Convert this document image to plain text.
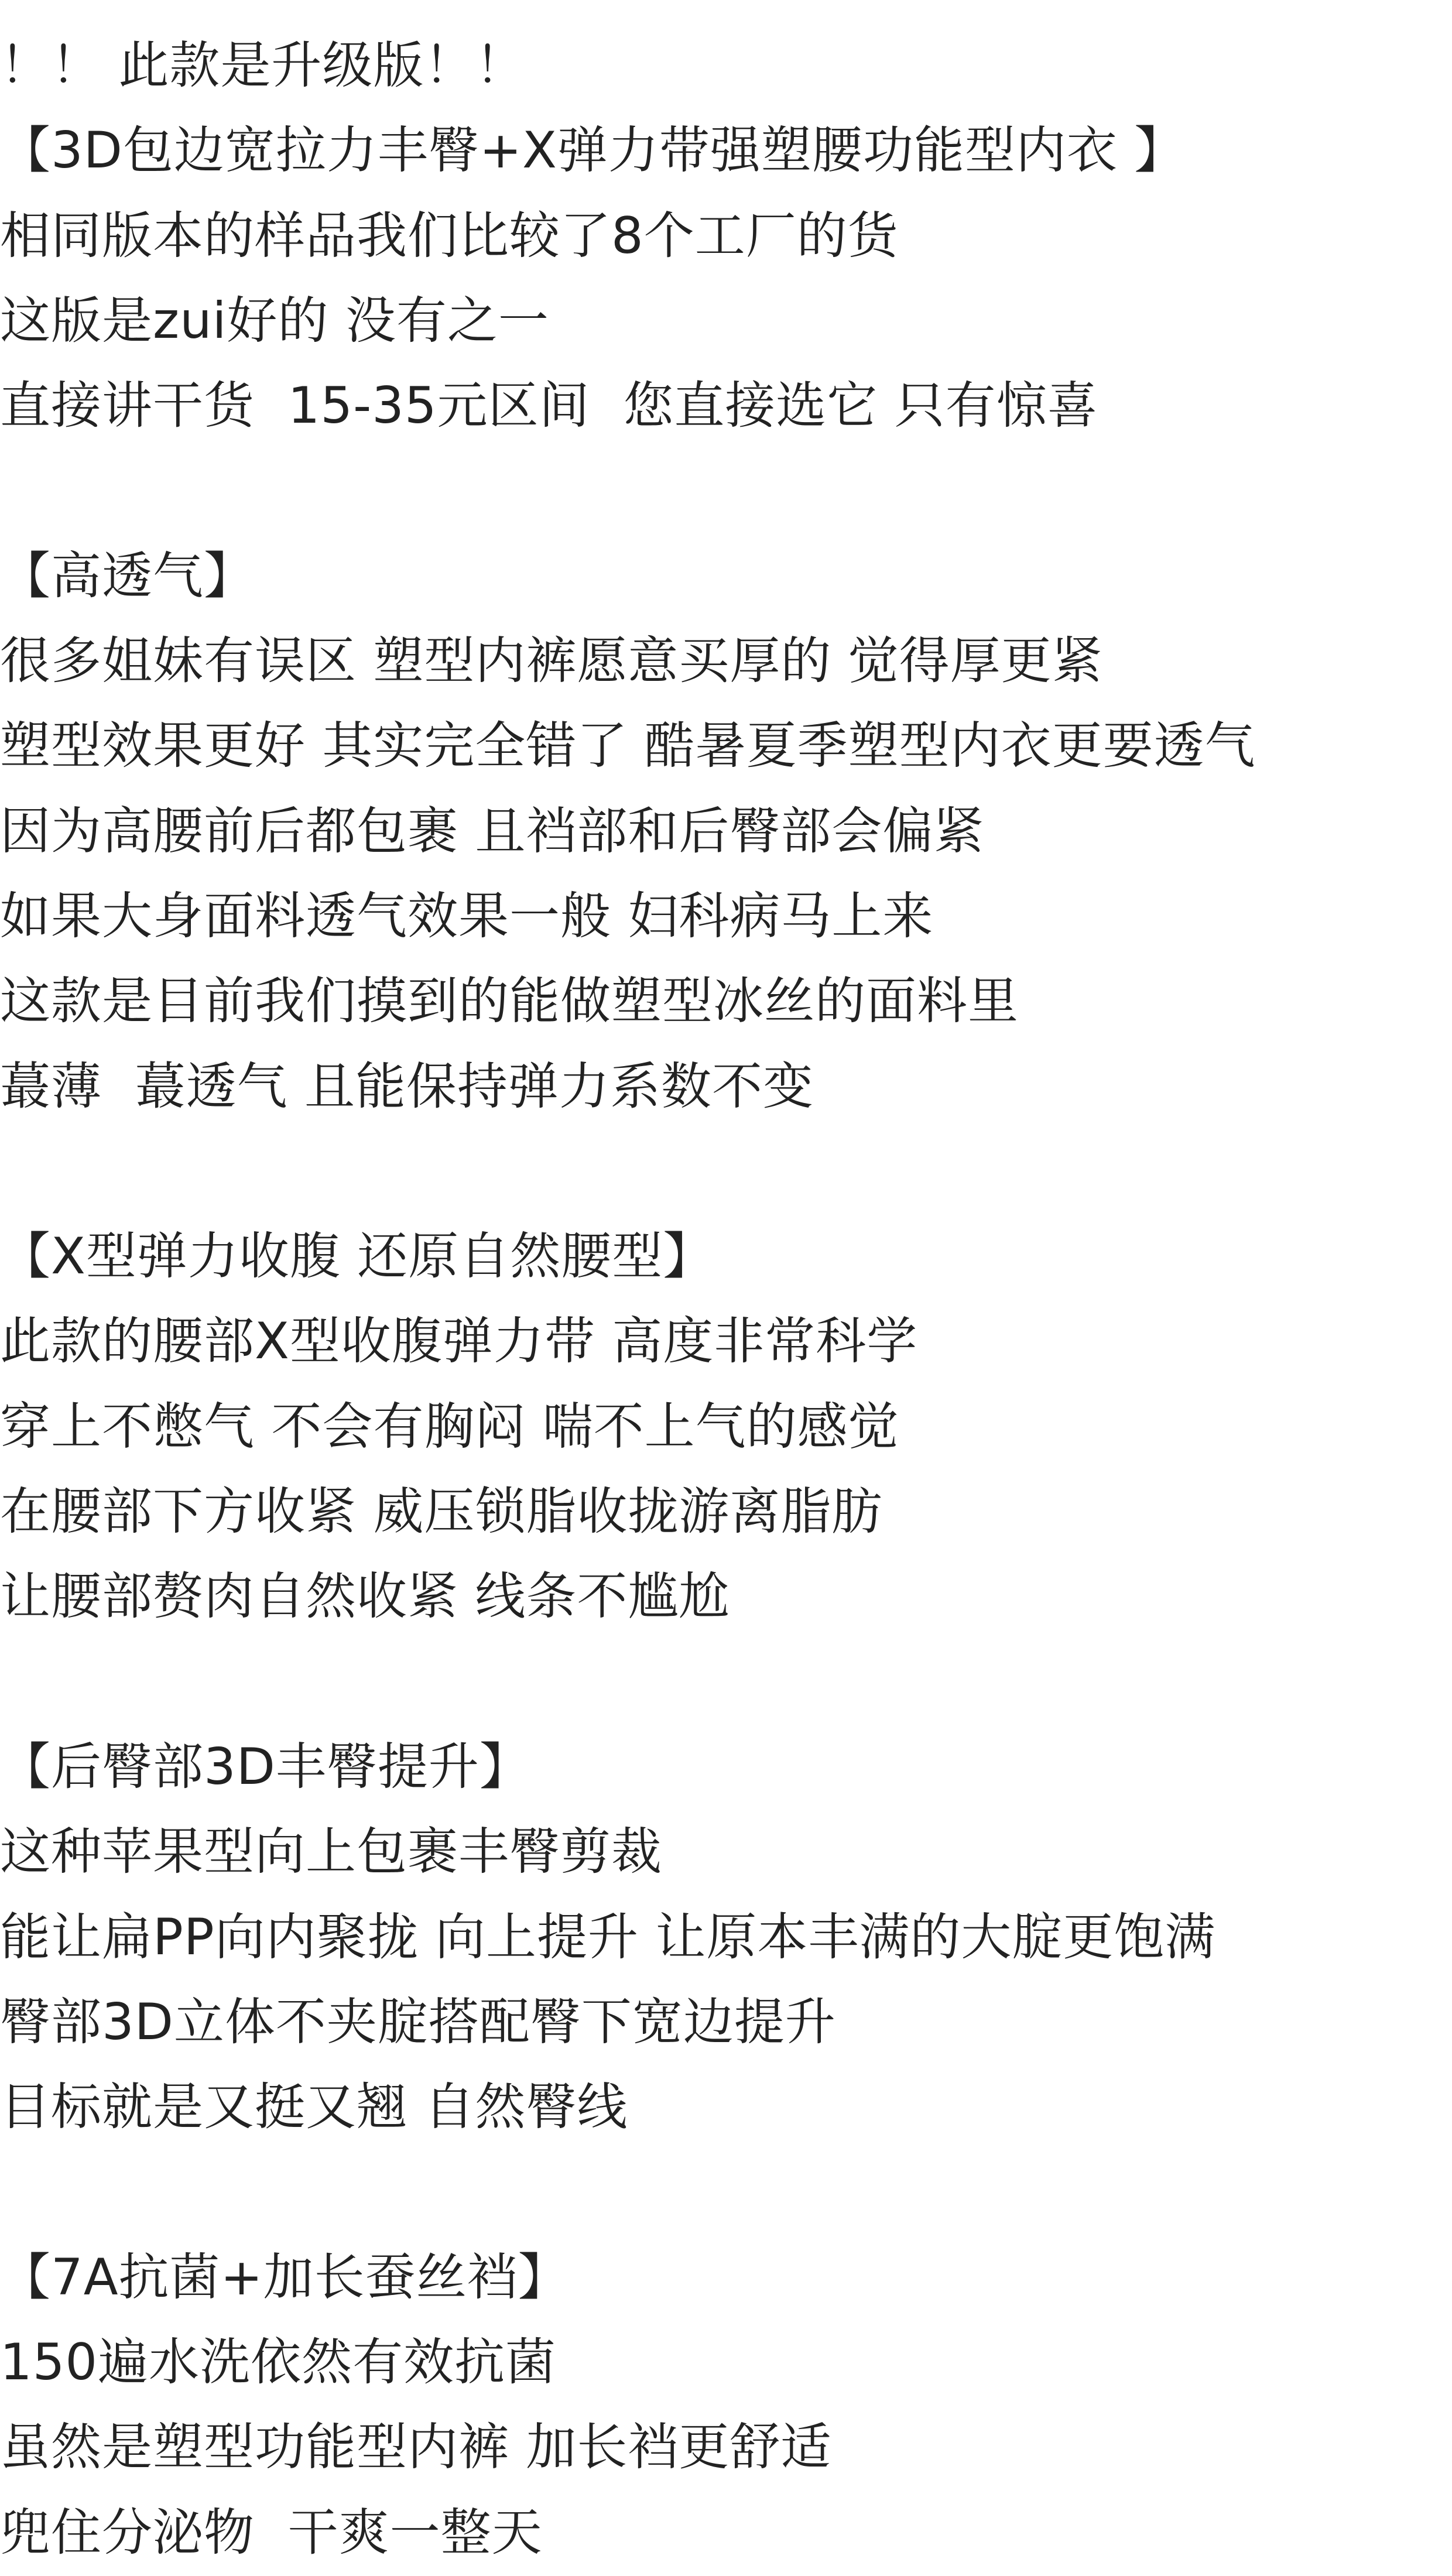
！！ 此款是升级版！！
【3D包边宽拉力丰臀+X弹力带强塑腰功能型内衣 】
相同版本的样品我们比较了8个工厂的货
这版是zui好的 没有之一
直接讲干货  15-35元区间  您直接选它 只有惊喜
【高透气】
很多姐妹有误区 塑型内裤愿意买厚的 觉得厚更紧
塑型效果更好 其实完全错了 酷暑夏季塑型内衣更要透气
因为高腰前后都包裹 且裆部和后臀部会偏紧
如果大身面料透气效果一般 妇科病马上来
这款是目前我们摸到的能做塑型冰丝的面料里
蕞薄  蕞透气 且能保持弹力系数不变
【X型弹力收腹 还原自然腰型】
此款的腰部X型收腹弹力带 高度非常科学
穿上不憋气 不会有胸闷 喘不上气的感觉
在腰部下方收紧 威压锁脂收拢游离脂肪
让腰部赘肉自然收紧 线条不尴尬
【后臀部3D丰臀提升】
这种苹果型向上包裹丰臀剪裁
能让扁PP向内聚拢 向上提升 让原本丰满的大腚更饱满
臀部3D立体不夹腚搭配臀下宽边提升
目标就是又挺又翘 自然臀线
【7A抗菌+加长蚕丝裆】
150遍水洗依然有效抗菌
虽然是塑型功能型内裤 加长裆更舒适
兜住分泌物  干爽一整天
